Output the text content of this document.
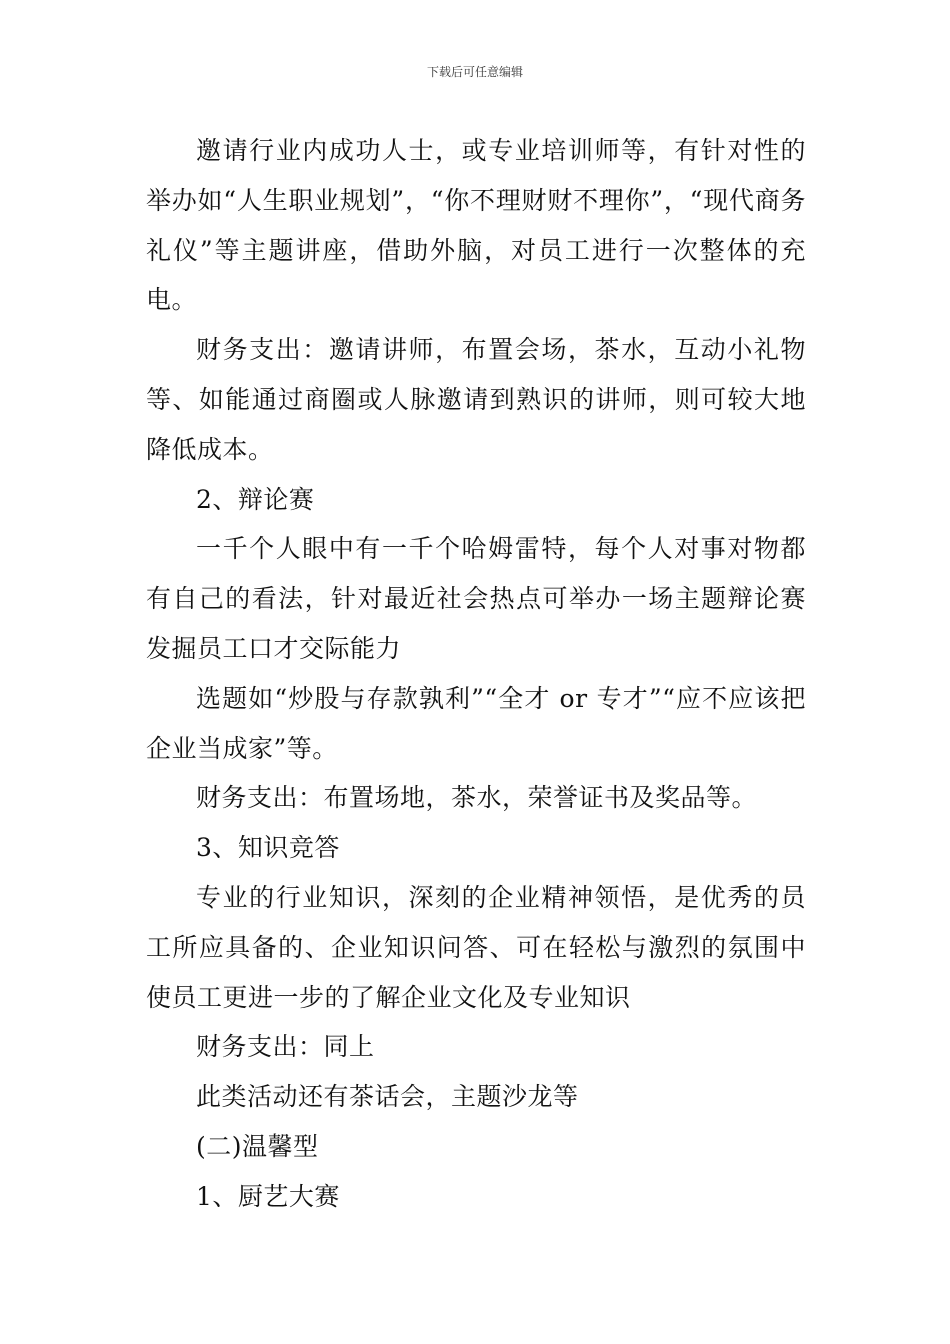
下载后可任意编辑

邀请行业内成功人士，或专业培训师等，有针对性的举办如“人生职业规划”，“你不理财财不理你”，“现代商务礼仪”等主题讲座，借助外脑，对员工进行一次整体的充电。

财务支出：邀请讲师，布置会场，茶水，互动小礼物等、如能通过商圈或人脉邀请到熟识的讲师，则可较大地降低成本。

2、辩论赛

一千个人眼中有一千个哈姆雷特，每个人对事对物都有自己的看法，针对最近社会热点可举办一场主题辩论赛发掘员工口才交际能力

选题如“炒股与存款孰利”“全才 or 专才”“应不应该把企业当成家”等。

财务支出：布置场地，茶水，荣誉证书及奖品等。

3、知识竞答

专业的行业知识，深刻的企业精神领悟，是优秀的员工所应具备的、企业知识问答、可在轻松与激烈的氛围中使员工更进一步的了解企业文化及专业知识

财务支出：同上

此类活动还有茶话会，主题沙龙等

(二)温馨型

1、厨艺大赛
